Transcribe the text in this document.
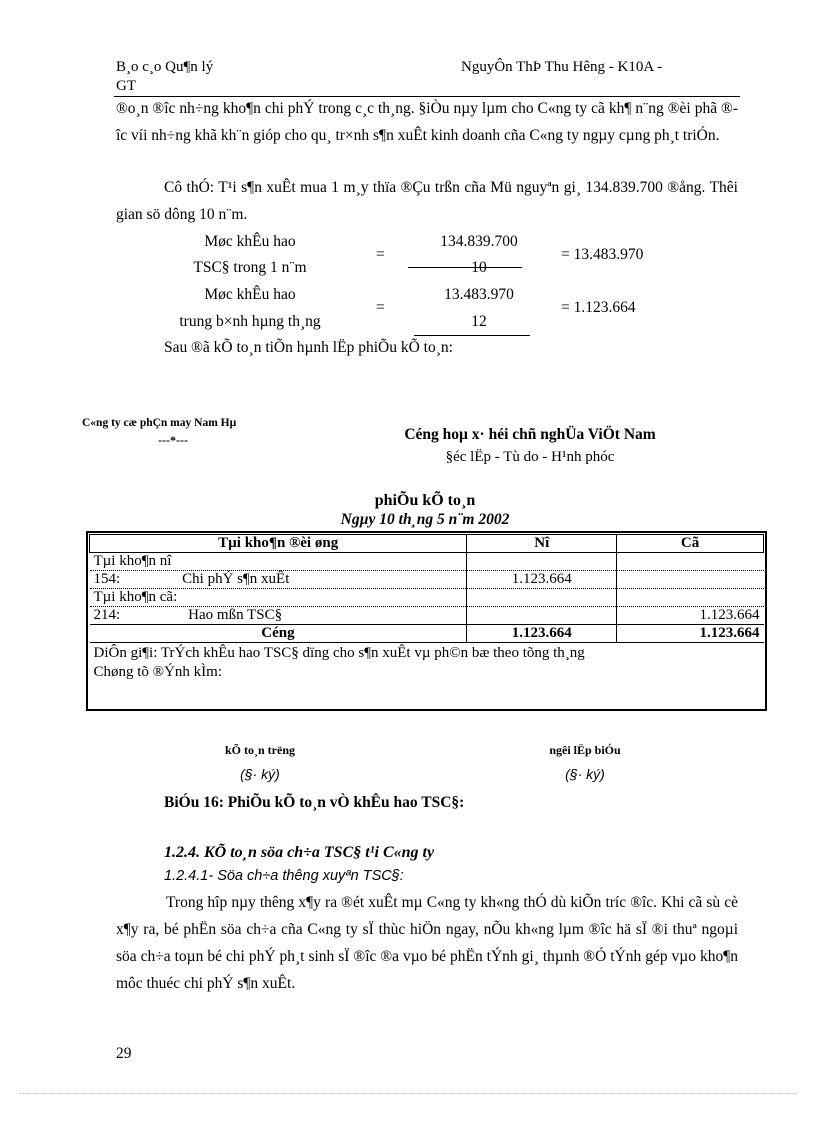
B¸o c¸o Qu¶n lý
GT
NguyÔn ThÞ Thu Hêng - K10A -
®o¸n ®îc nh÷ng kho¶n chi phÝ trong c¸c th¸ng. §iÒu nµy lµm cho C«ng ty cã kh¶ n¨ng ®èi phã ®îc víi nh÷ng khã kh¨n gióp cho qu¸ tr×nh s¶n xuÊt kinh doanh cña C«ng ty ngµy cµng ph¸t triÓn.
Cô thÓ: T¹i s¶n xuÊt mua 1 m¸y thïa ®Çu trßn cña Mü nguyªn gi¸ 134.839.700 ®ång. Thêi gian sö dông 10 n¨m.
Møc khÊu hao
TSC§ trong 1 n¨m
=
134.839.700
10
= 13.483.970
Møc khÊu hao
trung b×nh hµng th¸ng
=
13.483.970
12
= 1.123.664
Sau ®ã kÕ to¸n tiÕn hµnh lËp phiÕu kÕ to¸n:
C«ng ty cæ phÇn may Nam Hµ
---*---	Céng hoµ x· héi chñ nghÜa ViÖt Nam
§éc lËp - Tù do - H¹nh phóc
phiÕu kÕ to¸n
Ngµy 10 th¸ng 5 n¨m 2002
Tµi kho¶n ®èi øng	Nî	Cã
Tµi kho¶n nî		
154: Chi phÝ s¶n xuÊt	1.123.664	
Tµi kho¶n cã:		
214: Hao mßn TSC§		1.123.664
Céng	1.123.664	1.123.664
DiÔn gi¶i: TrÝch khÊu hao TSC§ dïng cho s¶n xuÊt vµ ph©n bæ theo tõng th¸ng		
Chøng tõ ®Ýnh kÌm:		
kÕ to¸n trëng
(§· ký)
ngêi lËp biÓu
(§· ký)
BiÓu 16: PhiÕu kÕ to¸n vÒ khÊu hao TSC§:
1.2.4. KÕ to¸n söa ch÷a TSC§ t¹i C«ng ty
1.2.4.1- Söa ch÷a thêng xuyªn TSC§:
Trong hîp nµy thêng x¶y ra ®ét xuÊt mµ C«ng ty kh«ng thÓ dù kiÕn tríc ®îc. Khi cã sù cè x¶y ra, bé phËn söa ch÷a cña C«ng ty sÏ thùc hiÖn ngay, nÕu kh«ng lµm ®îc hä sÏ ®i thuª ngoµi söa ch÷a toµn bé chi phÝ ph¸t sinh sÏ ®îc ®a vµo bé phËn tÝnh gi¸ thµnh ®Ó tÝnh gép vµo kho¶n môc thuéc chi phÝ s¶n xuÊt.
29
